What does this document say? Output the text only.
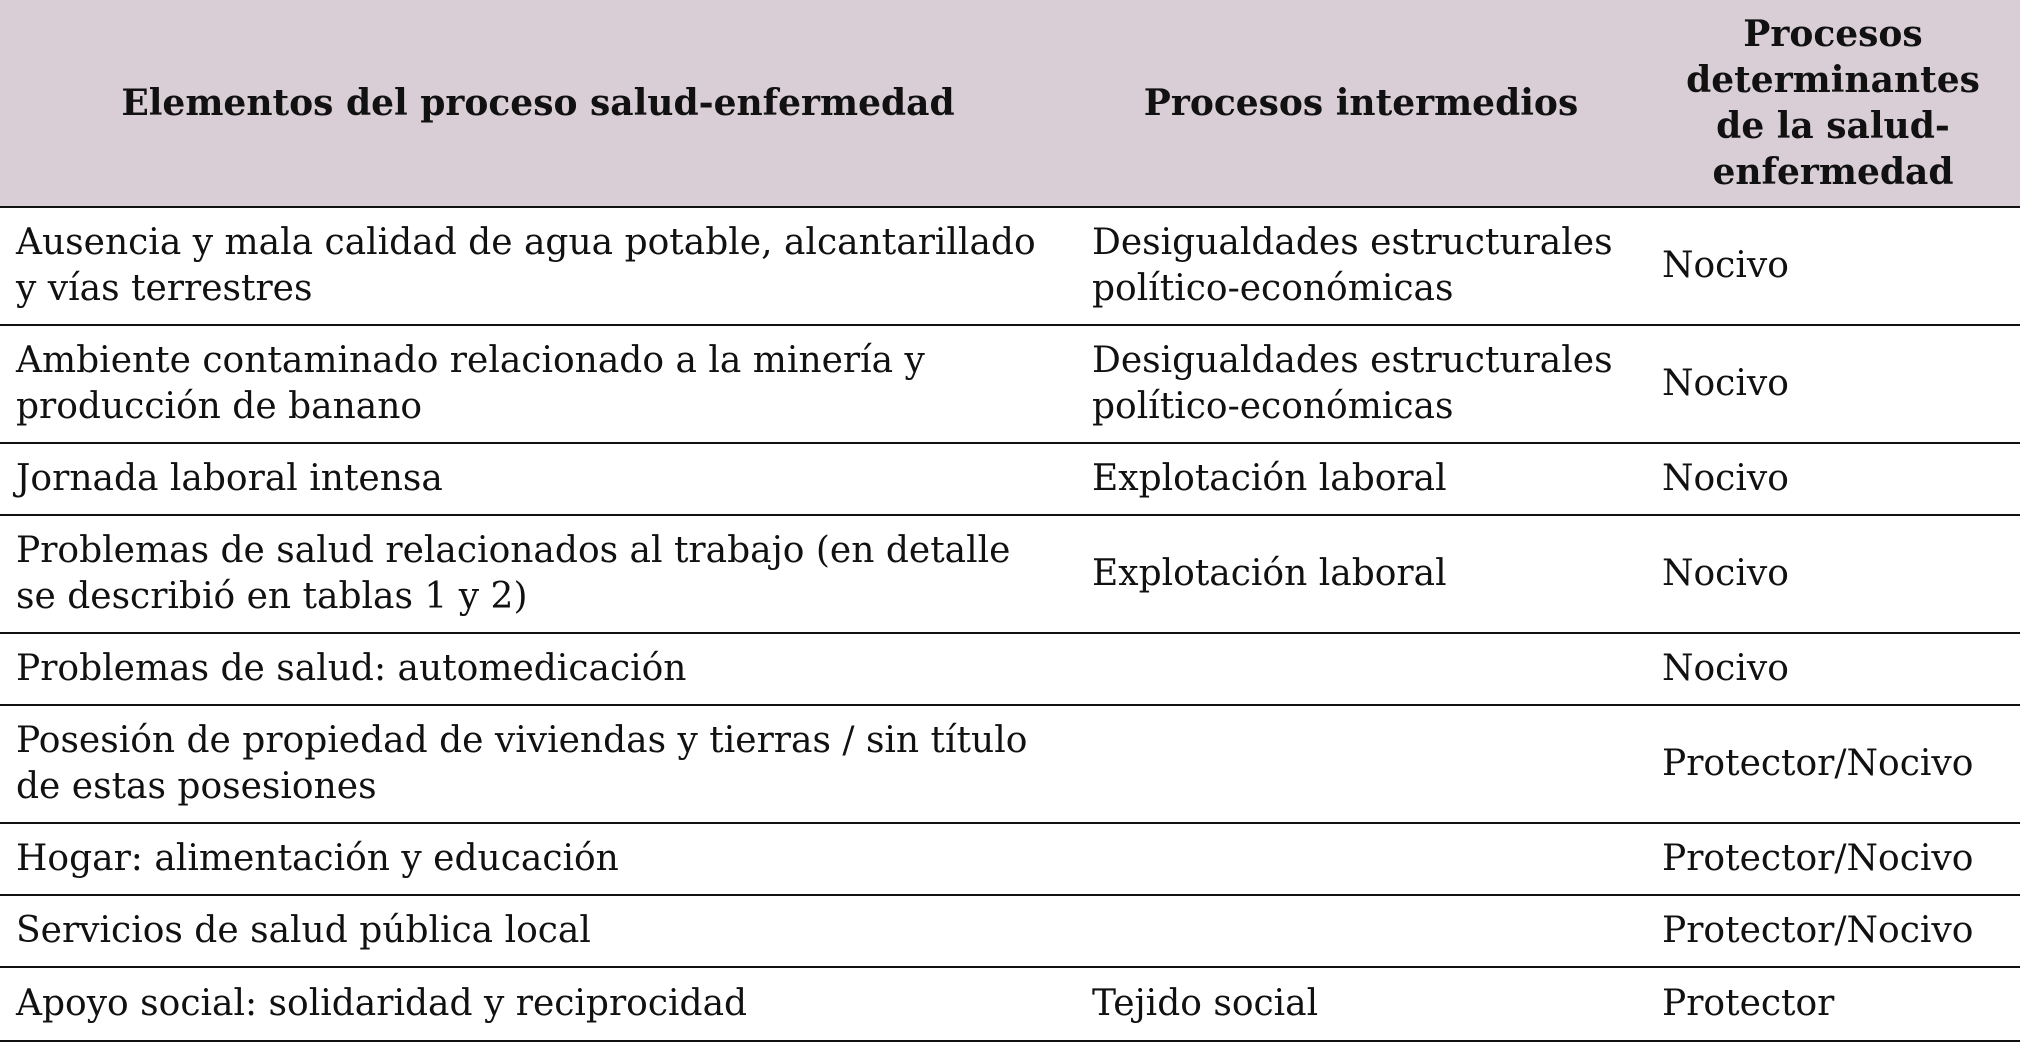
Elementos del proceso salud-enfermedad	Procesos intermedios	Procesos determinantes de la salud-enfermedad
Ausencia y mala calidad de agua potable, alcantarillado y vías terrestres	Desigualdades estructurales político-económicas	Nocivo
Ambiente contaminado relacionado a la minería y producción de banano	Desigualdades estructurales político-económicas	Nocivo
Jornada laboral intensa	Explotación laboral	Nocivo
Problemas de salud relacionados al trabajo (en detalle se describió en tablas 1 y 2)	Explotación laboral	Nocivo
Problemas de salud: automedicación		Nocivo
Posesión de propiedad de viviendas y tierras / sin título de estas posesiones		Protector/Nocivo
Hogar: alimentación y educación		Protector/Nocivo
Servicios de salud pública local		Protector/Nocivo
Apoyo social: solidaridad y reciprocidad	Tejido social	Protector
